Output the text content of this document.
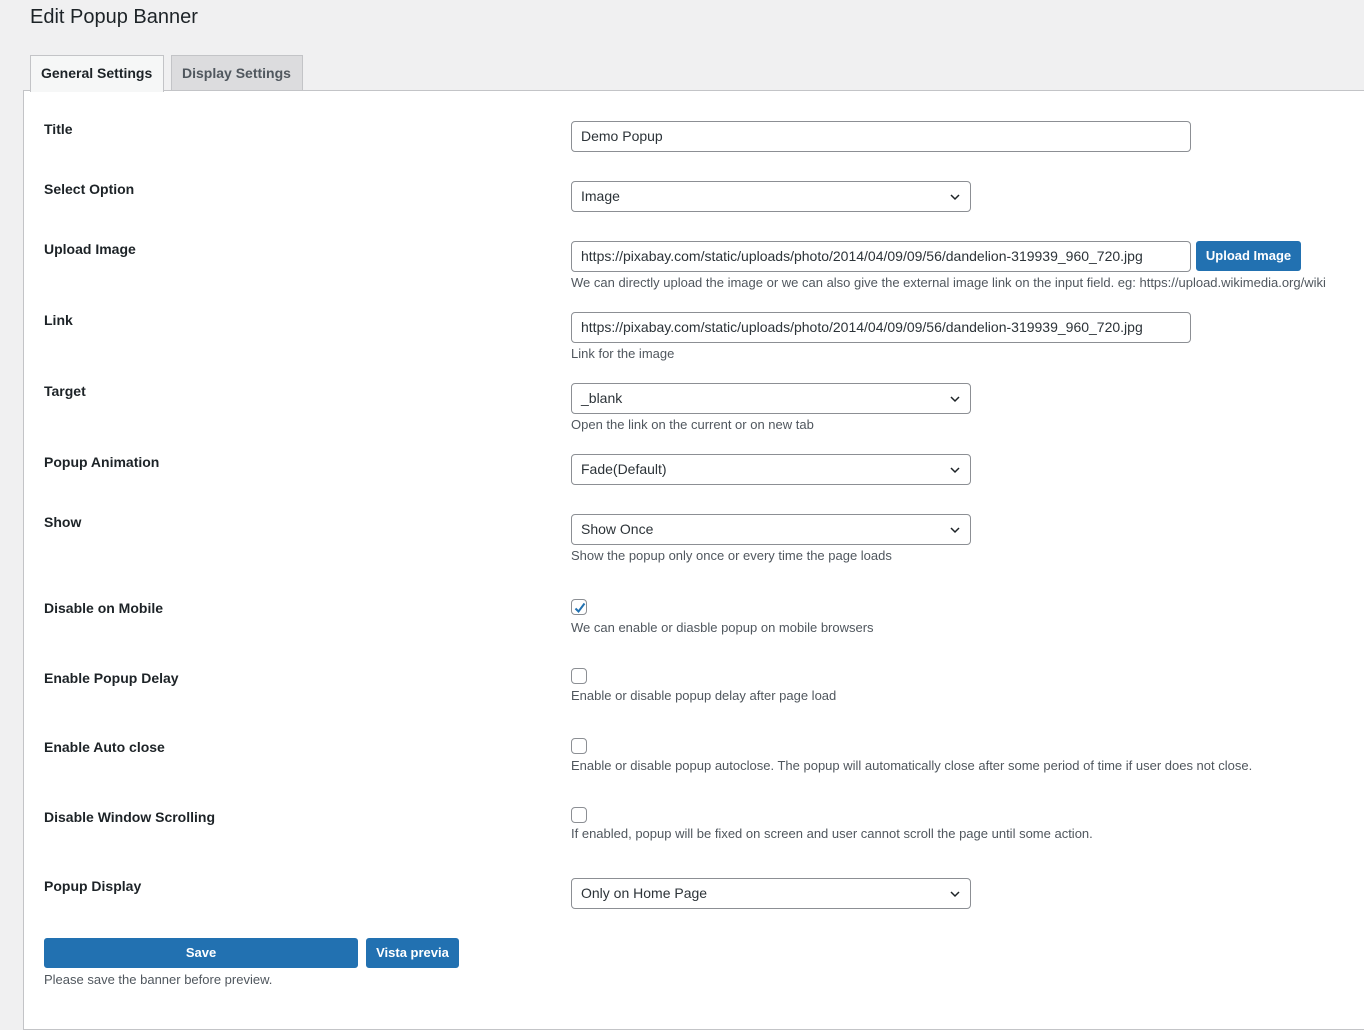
Edit Popup Banner
General Settings	Display Settings
Title	Demo Popup
Select Option	Image
Upload Image	https://pixabay.com/static/uploads/photo/2014/04/09/09/56/dandelion-319939_960_720.jpg	Upload Image
We can directly upload the image or we can also give the external image link on the input field. eg: https://upload.wikimedia.org/wiki
Link	https://pixabay.com/static/uploads/photo/2014/04/09/09/56/dandelion-319939_960_720.jpg
Link for the image
Target	_blank
Open the link on the current or on new tab
Popup Animation	Fade(Default)
Show	Show Once
Show the popup only once or every time the page loads
Disable on Mobile
We can enable or diasble popup on mobile browsers
Enable Popup Delay
Enable or disable popup delay after page load
Enable Auto close
Enable or disable popup autoclose. The popup will automatically close after some period of time if user does not close.
Disable Window Scrolling
If enabled, popup will be fixed on screen and user cannot scroll the page until some action.
Popup Display	Only on Home Page
Save	Vista previa
Please save the banner before preview.
